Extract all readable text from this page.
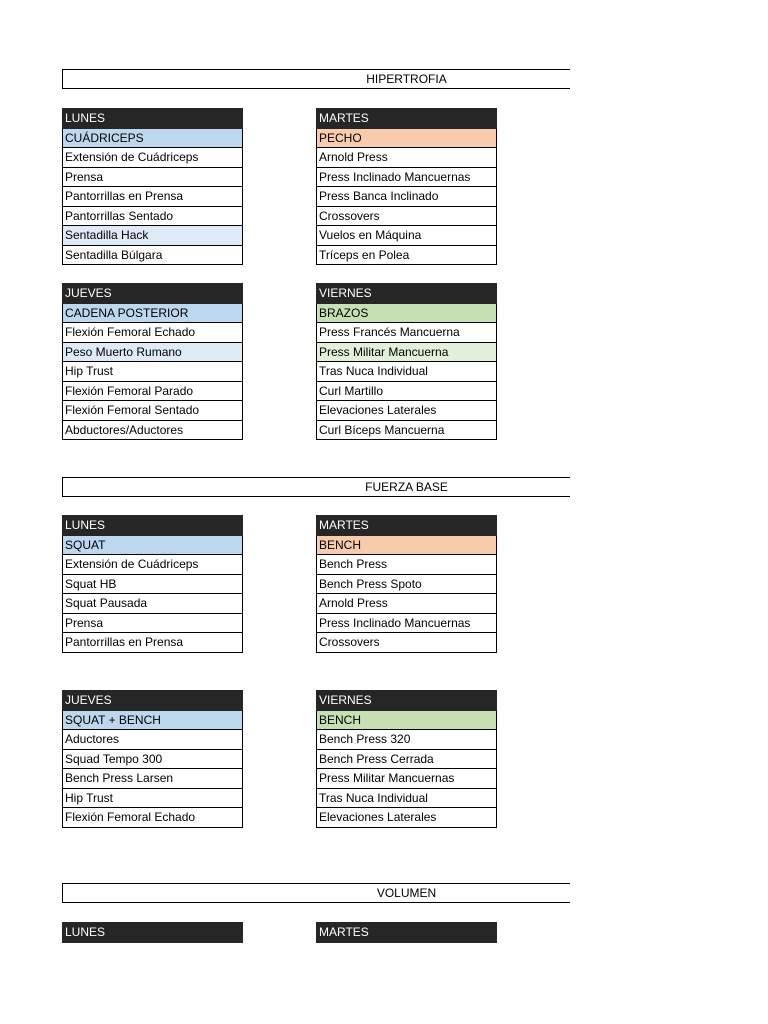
HIPERTROFIA
LUNES
CUÁDRICEPS
Extensión de Cuádriceps
Prensa
Pantorrillas en Prensa
Pantorrillas Sentado
Sentadilla Hack
Sentadilla Búlgara
MARTES
PECHO
Arnold Press
Press Inclinado Mancuernas
Press Banca Inclinado
Crossovers
Vuelos en Máquina
Tríceps en Polea
JUEVES
CADENA POSTERIOR
Flexión Femoral Echado
Peso Muerto Rumano
Hip Trust
Flexión Femoral Parado
Flexión Femoral Sentado
Abductores/Aductores
VIERNES
BRAZOS
Press Francés Mancuerna
Press Militar Mancuerna
Tras Nuca Individual
Curl Martillo
Elevaciones Laterales
Curl Bíceps Mancuerna
FUERZA BASE
LUNES
SQUAT
Extensión de Cuádriceps
Squat HB
Squat Pausada
Prensa
Pantorrillas en Prensa
MARTES
BENCH
Bench Press
Bench Press Spoto
Arnold Press
Press Inclinado Mancuernas
Crossovers
JUEVES
SQUAT + BENCH
Aductores
Squad Tempo 300
Bench Press Larsen
Hip Trust
Flexión Femoral Echado
VIERNES
BENCH
Bench Press 320
Bench Press Cerrada
Press Militar Mancuernas
Tras Nuca Individual
Elevaciones Laterales
VOLUMEN
LUNES	MARTES
